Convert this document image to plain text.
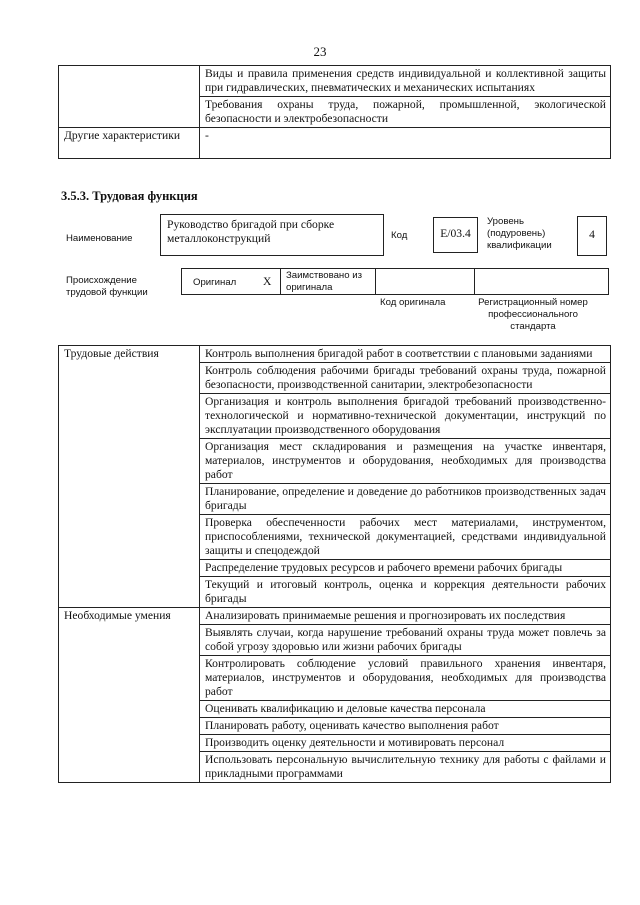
23
	Виды и правила применения средств индивидуальной и коллективной защиты при гидравлических, пневматических и механических испытаниях
	Требования охраны труда, пожарной, промышленной, экологической безопасности и электробезопасности
Другие характеристики	-
3.5.3. Трудовая функция
Наименование
Руководство бригадой при сборке металлоконструкций	Код	E/03.4
Уровень (подуровень) квалификации
4
Происхождение трудовой функции
Оригинал X Заимствовано из оригинала
Код оригинала	Регистрационный номер профессионального стандарта
Трудовые действия	Контроль выполнения бригадой работ в соответствии с плановыми заданиями
	Контроль соблюдения рабочими бригады требований охраны труда, пожарной безопасности, производственной санитарии, электробезопасности
	Организация и контроль выполнения бригадой требований производственно-технологической и нормативно-технической документации, инструкций по эксплуатации производственного оборудования
	Организация мест складирования и размещения на участке инвентаря, материалов, инструментов и оборудования, необходимых для производства работ
	Планирование, определение и доведение до работников производственных задач бригады
	Проверка обеспеченности рабочих мест материалами, инструментом, приспособлениями, технической документацией, средствами индивидуальной защиты и спецодеждой
	Распределение трудовых ресурсов и рабочего времени рабочих бригады
	Текущий и итоговый контроль, оценка и коррекция деятельности рабочих бригады
Необходимые умения	Анализировать принимаемые решения и прогнозировать их последствия
	Выявлять случаи, когда нарушение требований охраны труда может повлечь за собой угрозу здоровью или жизни рабочих бригады
	Контролировать соблюдение условий правильного хранения инвентаря, материалов, инструментов и оборудования, необходимых для производства работ
	Оценивать квалификацию и деловые качества персонала
	Планировать работу, оценивать качество выполнения работ
	Производить оценку деятельности и мотивировать персонал
	Использовать персональную вычислительную технику для работы с файлами и прикладными программами
